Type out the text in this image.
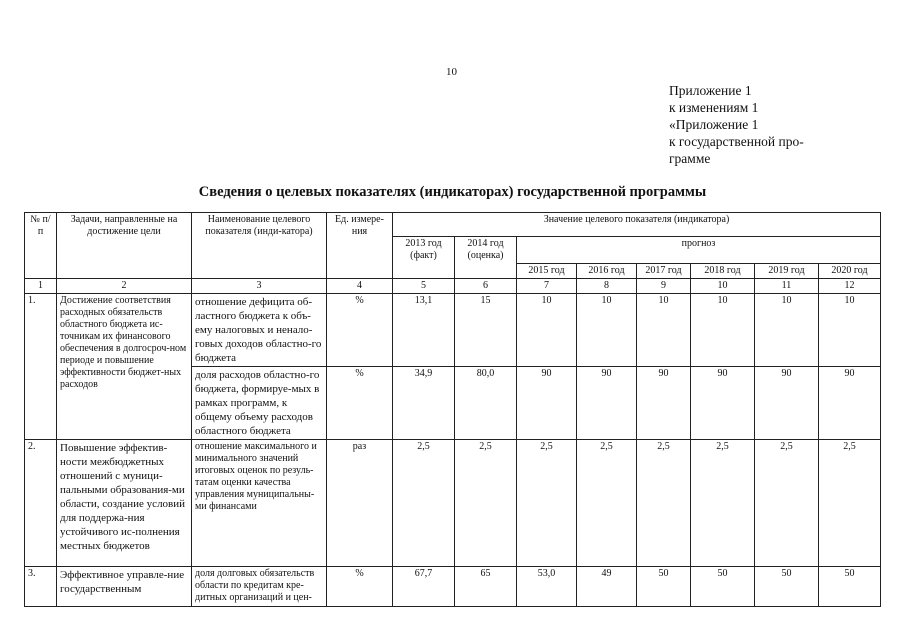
10
Приложение 1
к изменениям 1
«Приложение 1
к государственной про-
грамме
Сведения о целевых показателях (индикаторах) государственной программы
№ п/п	Задачи, направленные на достижение цели	Наименование целевого показателя (инди-катора)	Ед. измере-ния	Значение целевого показателя (индикатора)							
				2013 год (факт)	2014 год (оценка)	прогноз					
						2015 год	2016 год	2017 год	2018 год	2019 год	2020 год
1	2	3	4	5	6	7	8	9	10	11	12
1.	Достижение соответствия расходных обязательств областного бюджета ис-точникам их финансового обеспечения в долгосроч-ном периоде и повышение эффективности бюджет-ных расходов	отношение дефицита об-ластного бюджета к объ-ему налоговых и ненало-говых доходов областно-го бюджета	%	13,1	15	10	10	10	10	10	10
		доля расходов областно-го бюджета, формируе-мых в рамках программ, к общему объему расходов областного бюджета	%	34,9	80,0	90	90	90	90	90	90
2.	Повышение эффектив-ности межбюджетных отношений с муници-пальными образования-ми области, создание условий для поддержа-ния устойчивого ис-полнения местных бюджетов	отношение максимального и минимального значений итоговых оценок по резуль-татам оценки качества управления муниципальны-ми финансами	раз	2,5	2,5	2,5	2,5	2,5	2,5	2,5	2,5
3.	Эффективное управле-ние государственным	доля долговых обязательств области по кредитам кре-дитных организаций и цен-	%	67,7	65	53,0	49	50	50	50	50
